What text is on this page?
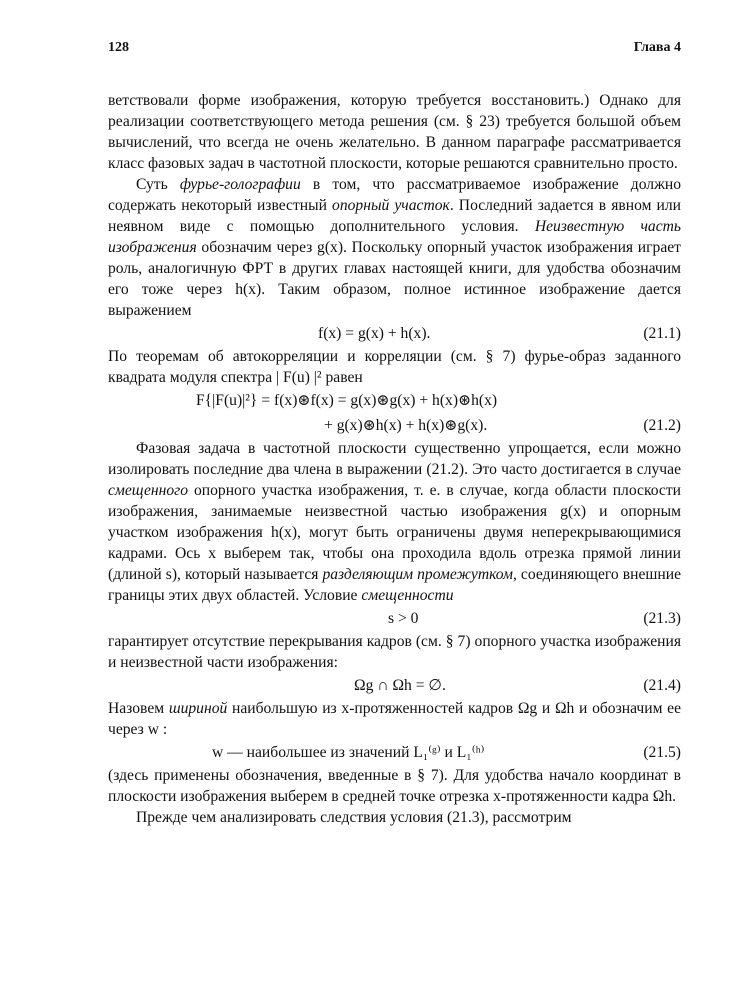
128	Глава 4

ветствовали форме изображения, которую требуется восстановить.) Однако для реализации соответствующего метода решения (см. § 23) требуется большой объем вычислений, что всегда не очень желательно. В данном параграфе рассматривается класс фазовых задач в частотной плоскости, которые решаются сравнительно просто.

Суть фурье-голографии в том, что рассматриваемое изображение должно содержать некоторый известный опорный участок. Последний задается в явном или неявном виде с помощью дополнительного условия. Неизвестную часть изображения обозначим через g(x). Поскольку опорный участок изображения играет роль, аналогичную ФРТ в других главах настоящей книги, для удобства обозначим его тоже через h(x). Таким образом, полное истинное изображение дается выражением

f(x) = g(x) + h(x).	(21.1)

По теоремам об автокорреляции и корреляции (см. § 7) фурье-образ заданного квадрата модуля спектра | F(u) |² равен

F{|F(u)|²} = f(x)⊛f(x) = g(x)⊛g(x) + h(x)⊛h(x)
+ g(x)⊛h(x) + h(x)⊛g(x).	(21.2)

Фазовая задача в частотной плоскости существенно упрощается, если можно изолировать последние два члена в выражении (21.2). Это часто достигается в случае смещенного опорного участка изображения, т. е. в случае, когда области плоскости изображения, занимаемые неизвестной частью изображения g(x) и опорным участком изображения h(x), могут быть ограничены двумя неперекрывающимися кадрами. Ось x выберем так, чтобы она проходила вдоль отрезка прямой линии (длиной s), который называется разделяющим промежутком, соединяющего внешние границы этих двух областей. Условие смещенности

s > 0	(21.3)

гарантирует отсутствие перекрывания кадров (см. § 7) опорного участка изображения и неизвестной части изображения:

Ωg ∩ Ωh = ∅.	(21.4)

Назовем шириной наибольшую из x-протяженностей кадров Ωg и Ωh и обозначим ее через w :

w — наибольшее из значений L₁⁽ᵍ⁾ и L₁⁽ʰ⁾	(21.5)

(здесь применены обозначения, введенные в § 7). Для удобства начало координат в плоскости изображения выберем в средней точке отрезка x-протяженности кадра Ωh.

Прежде чем анализировать следствия условия (21.3), рассмотрим
